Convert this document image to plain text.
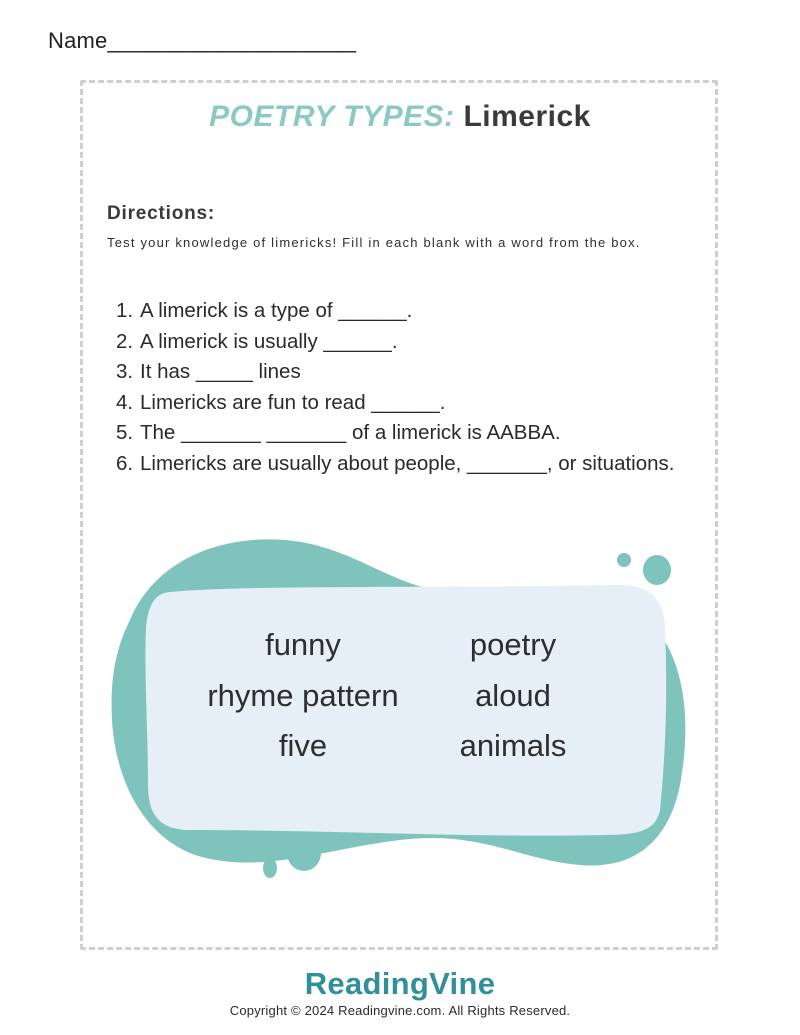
Name____________________
POETRY TYPES: Limerick
Directions:
Test your knowledge of limericks! Fill in each blank with a word from the box.
1. A limerick is a type of ______.
2. A limerick is usually ______.
3. It has _____ lines
4. Limericks are fun to read ______.
5. The _______ _______ of a limerick is AABBA.
6. Limericks are usually about people, _______, or situations.
funny	poetry
rhyme pattern	aloud
five	animals
ReadingVine
Copyright © 2024 Readingvine.com. All Rights Reserved.
